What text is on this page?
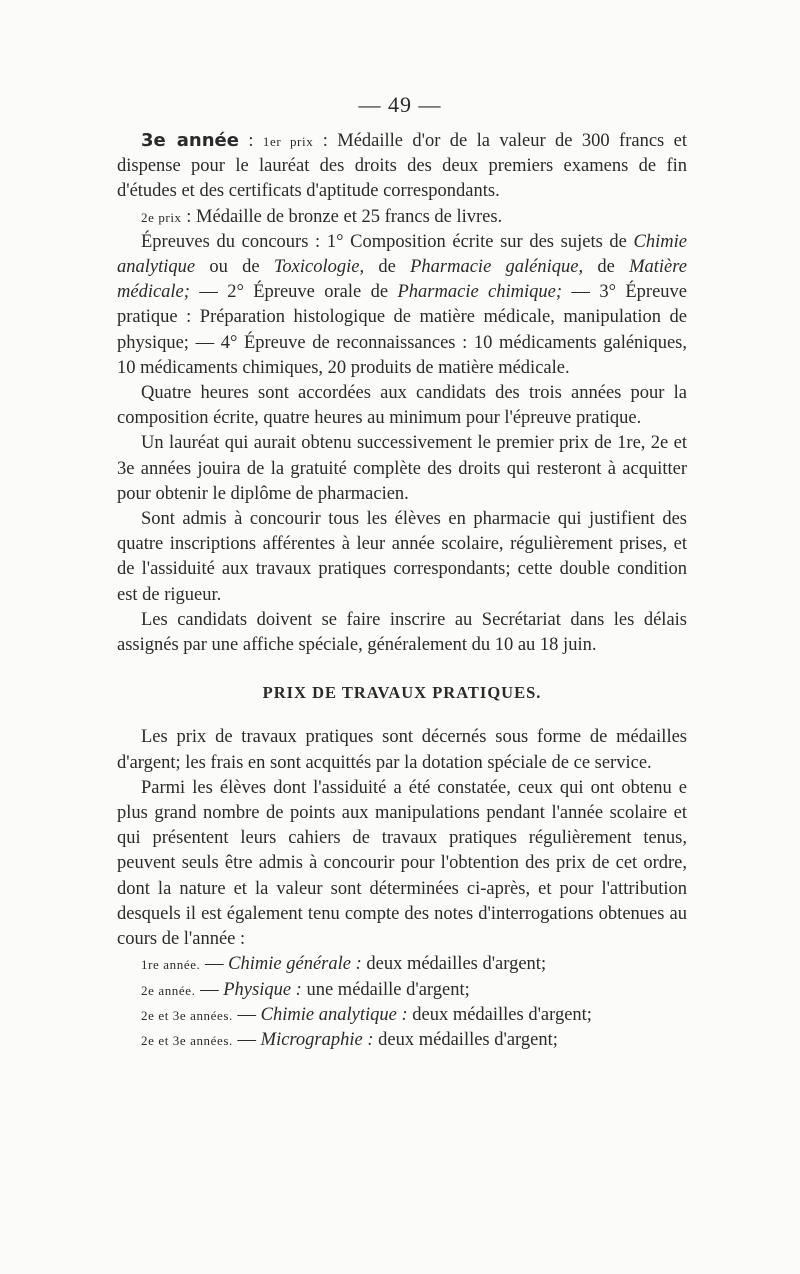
— 49 —

3e année : 1er prix : Médaille d'or de la valeur de 300 francs et dispense pour le lauréat des droits des deux premiers examens de fin d'études et des certificats d'aptitude correspondants.

2e prix : Médaille de bronze et 25 francs de livres.

Épreuves du concours : 1° Composition écrite sur des sujets de Chimie analytique ou de Toxicologie, de Pharmacie galénique, de Matière médicale; — 2° Épreuve orale de Pharmacie chimique; — 3° Épreuve pratique : Préparation histologique de matière médicale, manipulation de physique; — 4° Épreuve de reconnaissances : 10 médicaments galéniques, 10 médicaments chimiques, 20 produits de matière médicale.

Quatre heures sont accordées aux candidats des trois années pour la composition écrite, quatre heures au minimum pour l'épreuve pratique.

Un lauréat qui aurait obtenu successivement le premier prix de 1re, 2e et 3e années jouira de la gratuité complète des droits qui resteront à acquitter pour obtenir le diplôme de pharmacien.

Sont admis à concourir tous les élèves en pharmacie qui justifient des quatre inscriptions afférentes à leur année scolaire, régulièrement prises, et de l'assiduité aux travaux pratiques correspondants; cette double condition est de rigueur.

Les candidats doivent se faire inscrire au Secrétariat dans les délais assignés par une affiche spéciale, généralement du 10 au 18 juin.

PRIX DE TRAVAUX PRATIQUES.

Les prix de travaux pratiques sont décernés sous forme de médailles d'argent; les frais en sont acquittés par la dotation spéciale de ce service.

Parmi les élèves dont l'assiduité a été constatée, ceux qui ont obtenu e plus grand nombre de points aux manipulations pendant l'année scolaire et qui présentent leurs cahiers de travaux pratiques régulièrement tenus, peuvent seuls être admis à concourir pour l'obtention des prix de cet ordre, dont la nature et la valeur sont déterminées ci-après, et pour l'attribution desquels il est également tenu compte des notes d'interrogations obtenues au cours de l'année :

1re année. — Chimie générale : deux médailles d'argent;

2e année. — Physique : une médaille d'argent;

2e et 3e années. — Chimie analytique : deux médailles d'argent;

2e et 3e années. — Micrographie : deux médailles d'argent;
